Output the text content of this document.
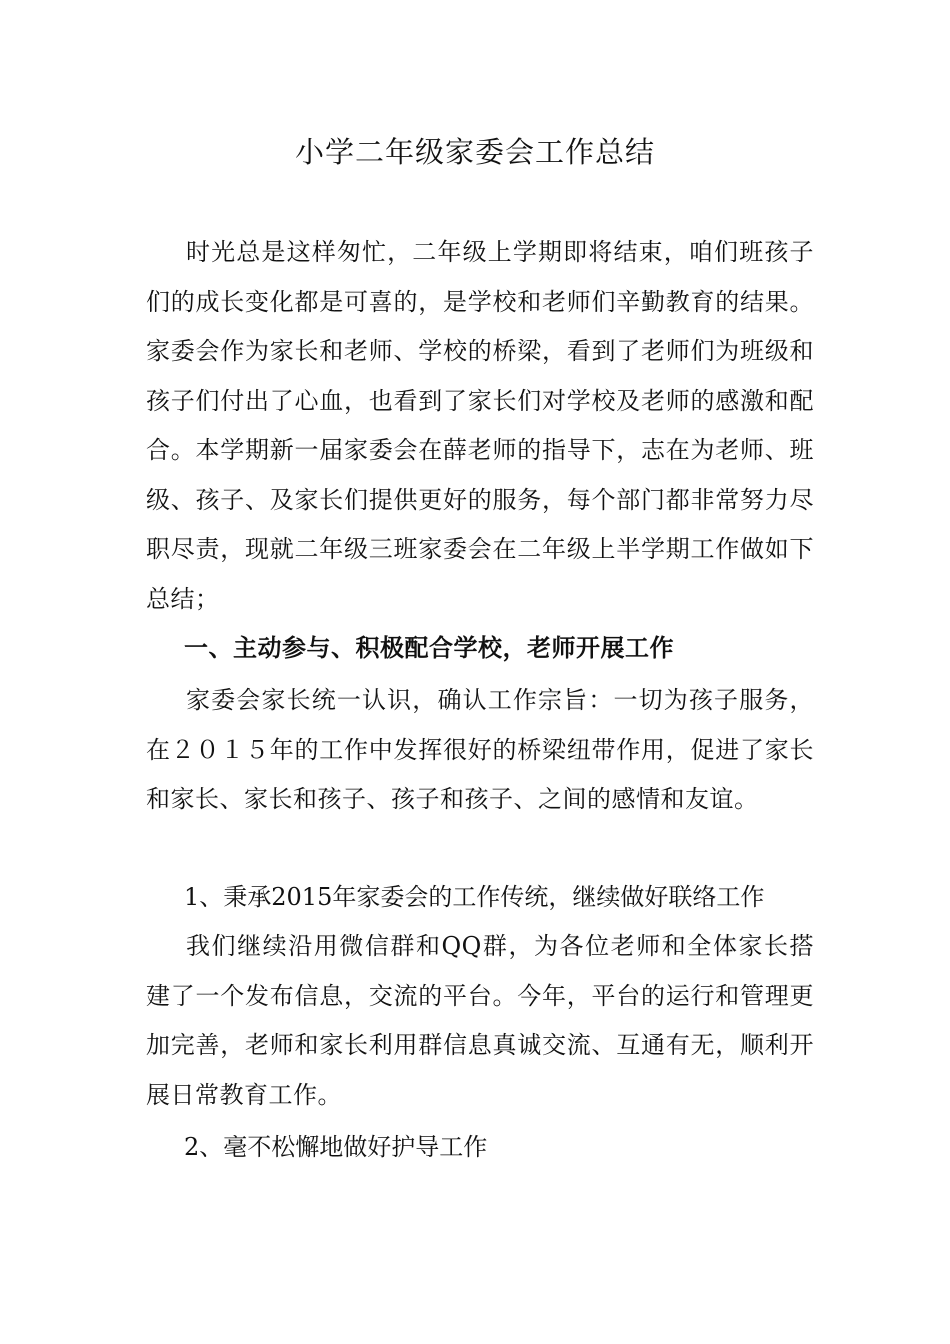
小学二年级家委会工作总结

时光总是这样匆忙，二年级上学期即将结束，咱们班孩子们的成长变化都是可喜的，是学校和老师们辛勤教育的结果。家委会作为家长和老师、学校的桥梁，看到了老师们为班级和孩子们付出了心血，也看到了家长们对学校及老师的感激和配合。本学期新一届家委会在薛老师的指导下，志在为老师、班级、孩子、及家长们提供更好的服务，每个部门都非常努力尽职尽责，现就二年级三班家委会在二年级上半学期工作做如下总结；

一、主动参与、积极配合学校，老师开展工作

家委会家长统一认识，确认工作宗旨：一切为孩子服务，在２０１５年的工作中发挥很好的桥梁纽带作用，促进了家长和家长、家长和孩子、孩子和孩子、之间的感情和友谊。

1、秉承2015年家委会的工作传统，继续做好联络工作

我们继续沿用微信群和QQ群，为各位老师和全体家长搭建了一个发布信息，交流的平台。今年，平台的运行和管理更加完善，老师和家长利用群信息真诚交流、互通有无，顺利开展日常教育工作。

2、毫不松懈地做好护导工作
